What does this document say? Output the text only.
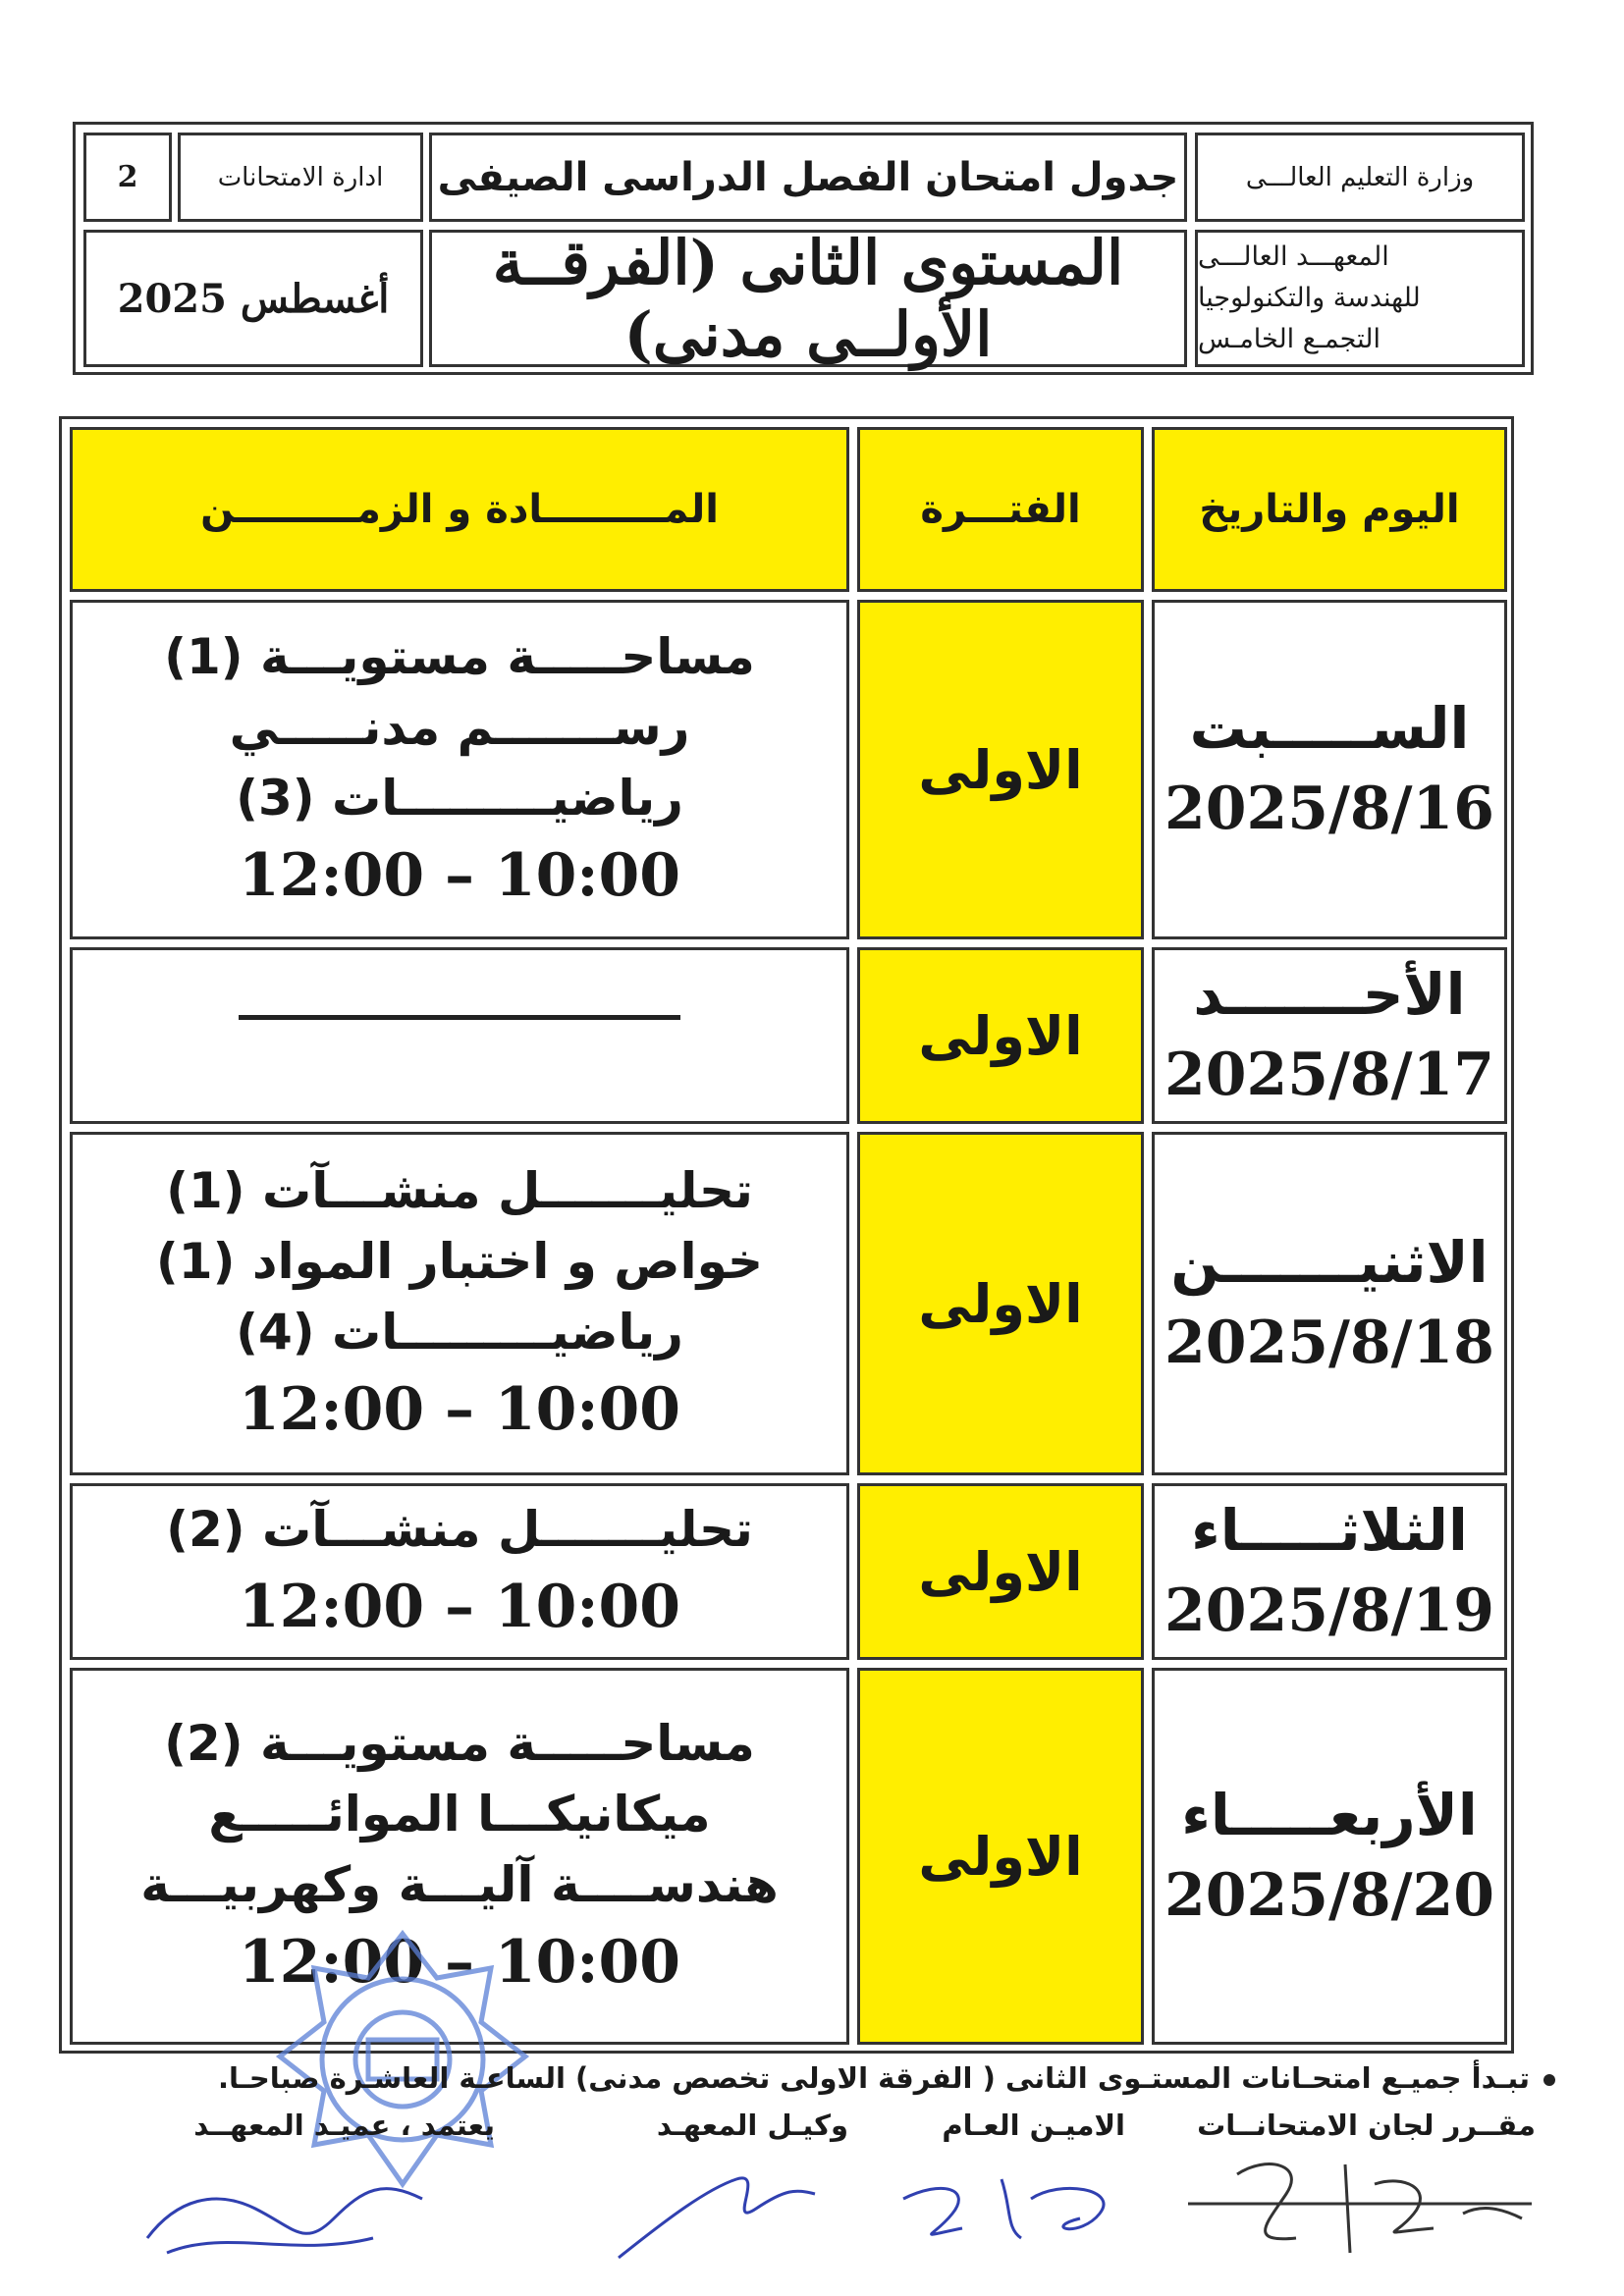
وزارة التعليم العالـــى
جدول امتحان الفصل الدراسى الصيفى
ادارة الامتحانات
2
المعهـــد العالـــى
للهندسة والتكنولوجيا
التجمـع الخامـس
المستوى الثانى (الفرقــة الأولــى مدنى)
أغسطس 2025
اليوم والتاريخ
الفتـــرة
المـــــــــادة و الزمـــــــــن
الســـــبت
2025/8/16
الاولى
مساحـــــة مستويـــة (1)
رســـــــم مدنـــــي
رياضيـــــــــات (3)
12:00 – 10:00
الأحـــــــد
2025/8/17
الاولى
الاثنيـــــــن
2025/8/18
الاولى
تحليـــــــل منشـــآت (1)
خواص و اختبار المواد (1)
رياضيـــــــــات (4)
12:00 – 10:00
الثلاثـــــاء
2025/8/19
الاولى
تحليـــــــل منشـــآت (2)
12:00 – 10:00
الأربعـــــاء
2025/8/20
الاولى
مساحـــــة مستويـــة (2)
ميكانيكـــا الموائـــــع
هندســــة آليـــة وكهربيـــة
12:00 – 10:00
تبـدأ جميـع امتحـانات المستـوى الثانى ( الفرقة الاولى تخصص مدنى) الساعـة العاشـرة صباحـا.
مقــرر لجان الامتحانــات
الاميـن العـام
وكيـل المعهـد
يعتمد ، عميـد المعهــد
